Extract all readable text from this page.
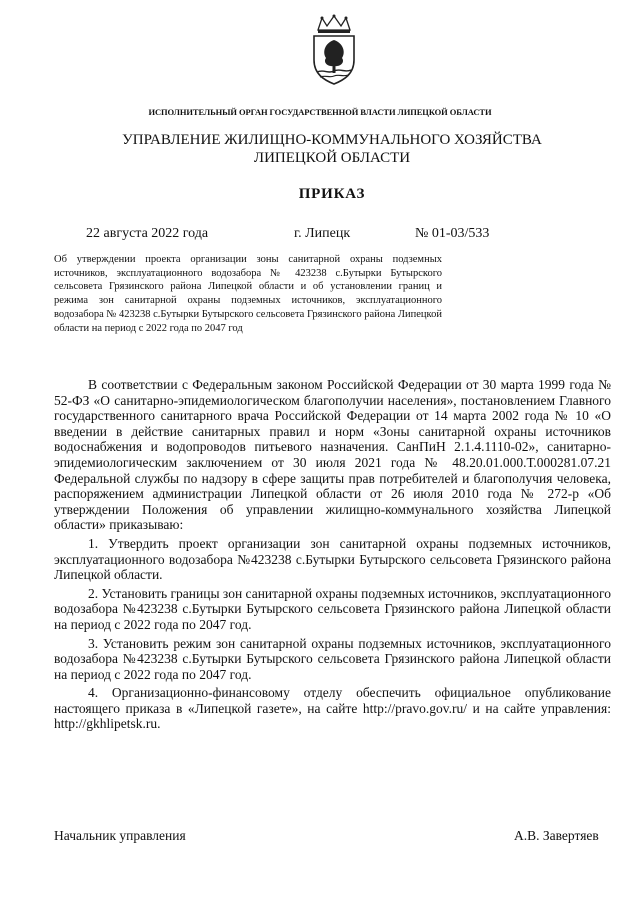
ИСПОЛНИТЕЛЬНЫЙ ОРГАН ГОСУДАРСТВЕННОЙ ВЛАСТИ ЛИПЕЦКОЙ ОБЛАСТИ
УПРАВЛЕНИЕ ЖИЛИЩНО-КОММУНАЛЬНОГО ХОЗЯЙСТВА
ЛИПЕЦКОЙ ОБЛАСТИ
ПРИКАЗ
22 августа 2022 года	г. Липецк	№ 01-03/533
Об утверждении проекта организации зоны санитарной охраны подземных источников, эксплуатационного водозабора № 423238 с.Бутырки Бутырского сельсовета Грязинского района Липецкой области и об установлении границ и режима зон санитарной охраны подземных источников, эксплуатационного водозабора № 423238 с.Бутырки Бутырского сельсовета Грязинского района Липецкой области на период с 2022 года по 2047 год

В соответствии с Федеральным законом Российской Федерации от 30 марта 1999 года № 52-ФЗ «О санитарно-эпидемиологическом благополучии населения», постановлением Главного государственного санитарного врача Российской Федерации от 14 марта 2002 года № 10 «О введении в действие санитарных правил и норм «Зоны санитарной охраны источников водоснабжения и водопроводов питьевого назначения. СанПиН 2.1.4.1110-02», санитарно-эпидемиологическим заключением от 30 июля 2021 года № 48.20.01.000.Т.000281.07.21 Федеральной службы по надзору в сфере защиты прав потребителей и благополучия человека, распоряжением администрации Липецкой области от 26 июля 2010 года № 272-р «Об утверждении Положения об управлении жилищно-коммунального хозяйства Липецкой области» приказываю:

1. Утвердить проект организации зон санитарной охраны подземных источников, эксплуатационного водозабора №423238 с.Бутырки Бутырского сельсовета Грязинского района Липецкой области.

2. Установить границы зон санитарной охраны подземных источников, эксплуатационного водозабора №423238 с.Бутырки Бутырского сельсовета Грязинского района Липецкой области на период с 2022 года по 2047 год.

3. Установить режим зон санитарной охраны подземных источников, эксплуатационного водозабора №423238 с.Бутырки Бутырского сельсовета Грязинского района Липецкой области на период с 2022 года по 2047 год.

4. Организационно-финансовому отделу обеспечить официальное опубликование настоящего приказа в «Липецкой газете», на сайте http://pravo.gov.ru/ и на сайте управления: http://gkhlipetsk.ru.

Начальник управления	А.В. Завертяев
